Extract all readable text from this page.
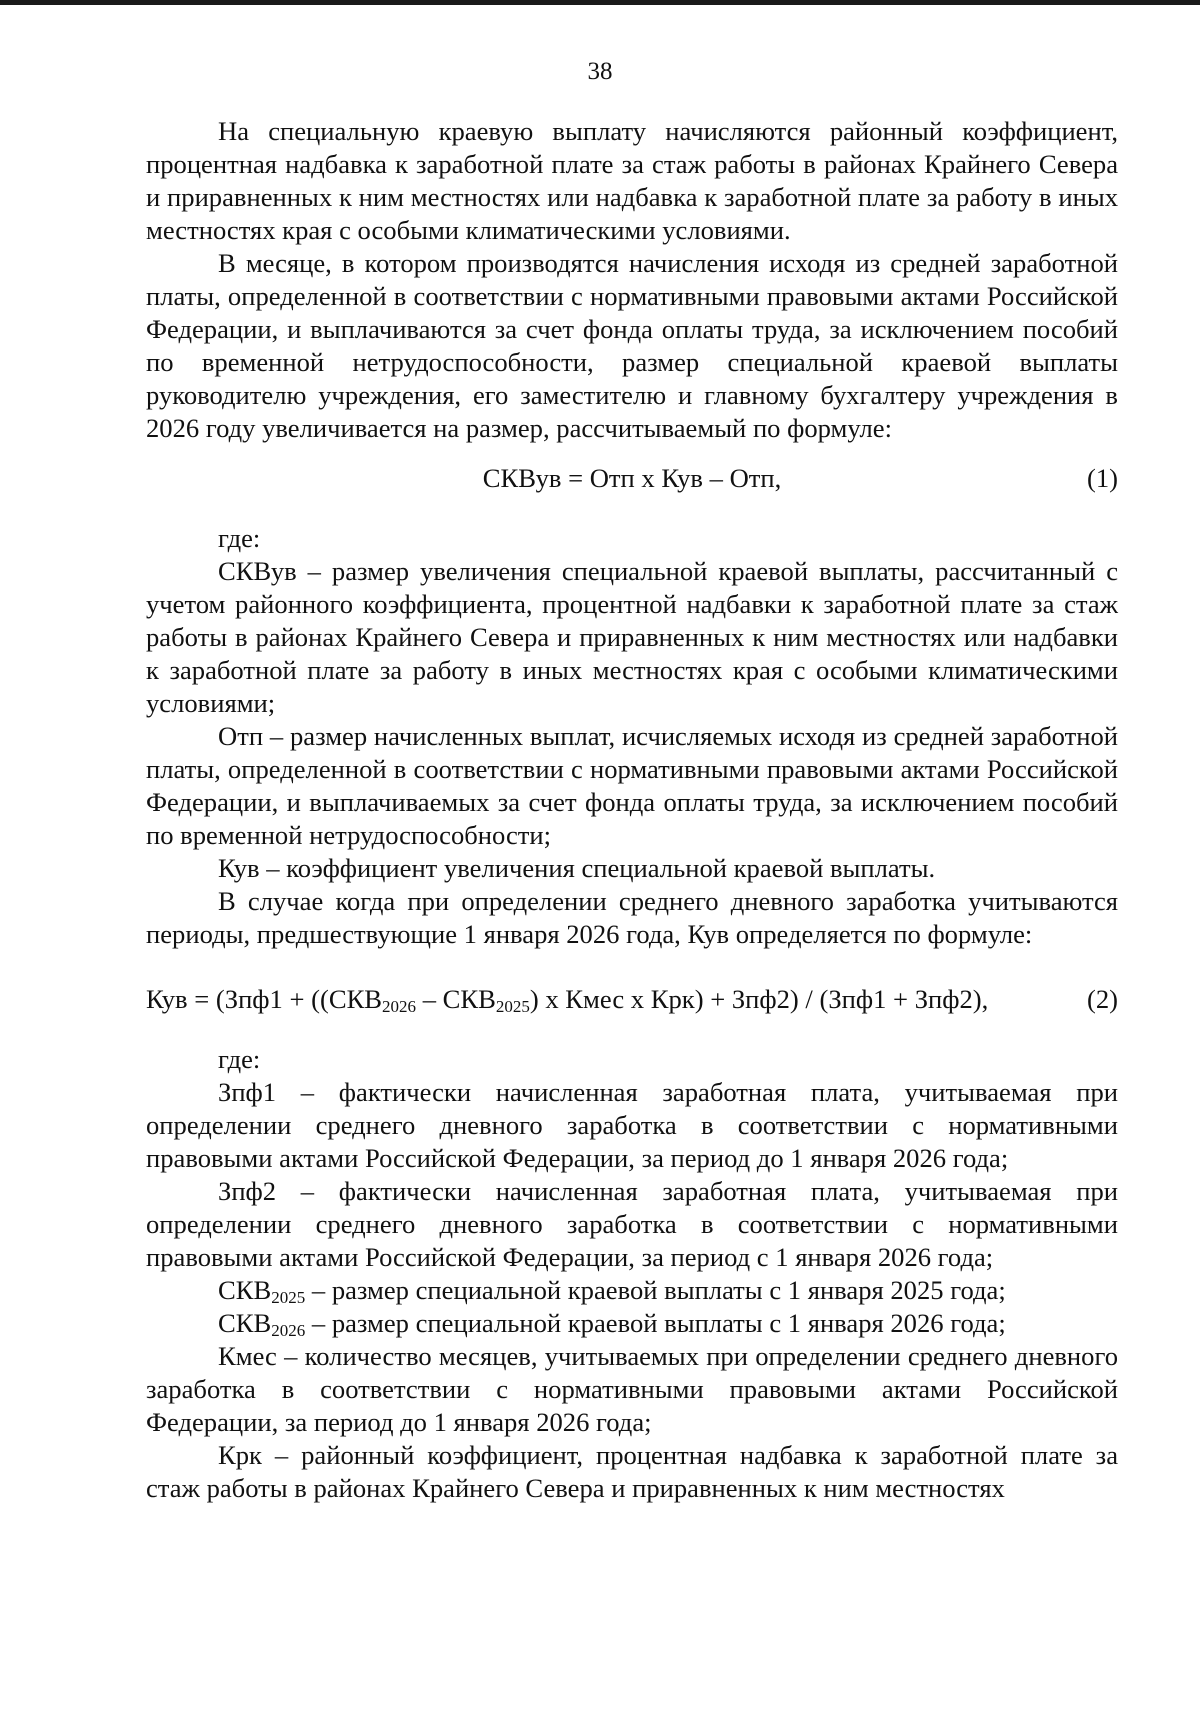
38

На специальную краевую выплату начисляются районный коэффициент, процентная надбавка к заработной плате за стаж работы в районах Крайнего Севера и приравненных к ним местностях или надбавка к заработной плате за работу в иных местностях края с особыми климатическими условиями.

В месяце, в котором производятся начисления исходя из средней заработной платы, определенной в соответствии с нормативными правовыми актами Российской Федерации, и выплачиваются за счет фонда оплаты труда, за исключением пособий по временной нетрудоспособности, размер специальной краевой выплаты руководителю учреждения, его заместителю и главному бухгалтеру учреждения в 2026 году увеличивается на размер, рассчитываемый по формуле:

СКВув = Отп х Кув – Отп,	(1)

где:

СКВув – размер увеличения специальной краевой выплаты, рассчитанный с учетом районного коэффициента, процентной надбавки к заработной плате за стаж работы в районах Крайнего Севера и приравненных к ним местностях или надбавки к заработной плате за работу в иных местностях края с особыми климатическими условиями;

Отп – размер начисленных выплат, исчисляемых исходя из средней заработной платы, определенной в соответствии с нормативными правовыми актами Российской Федерации, и выплачиваемых за счет фонда оплаты труда, за исключением пособий по временной нетрудоспособности;

Кув – коэффициент увеличения специальной краевой выплаты.

В случае когда при определении среднего дневного заработка учитываются периоды, предшествующие 1 января 2026 года, Кув определяется по формуле:

Кув = ($Зпф1 + ((СКВ_{2026} - СКВ_{2025})$ х Кмес х Крк) + Зпф2) / (Зпф1 + Зпф2),	(2)

где:

Зпф1 – фактически начисленная заработная плата, учитываемая при определении среднего дневного заработка в соответствии с нормативными правовыми актами Российской Федерации, за период до 1 января 2026 года;

Зпф2 – фактически начисленная заработная плата, учитываемая при определении среднего дневного заработка в соответствии с нормативными правовыми актами Российской Федерации, за период с 1 января 2026 года;

$СКВ_{2025}$ – размер специальной краевой выплаты с 1 января 2025 года;

$СКВ_{2026}$ – размер специальной краевой выплаты с 1 января 2026 года;

Кмес – количество месяцев, учитываемых при определении среднего дневного заработка в соответствии с нормативными правовыми актами Российской Федерации, за период до 1 января 2026 года;

Крк – районный коэффициент, процентная надбавка к заработной плате за стаж работы в районах Крайнего Севера и приравненных к ним местностях
